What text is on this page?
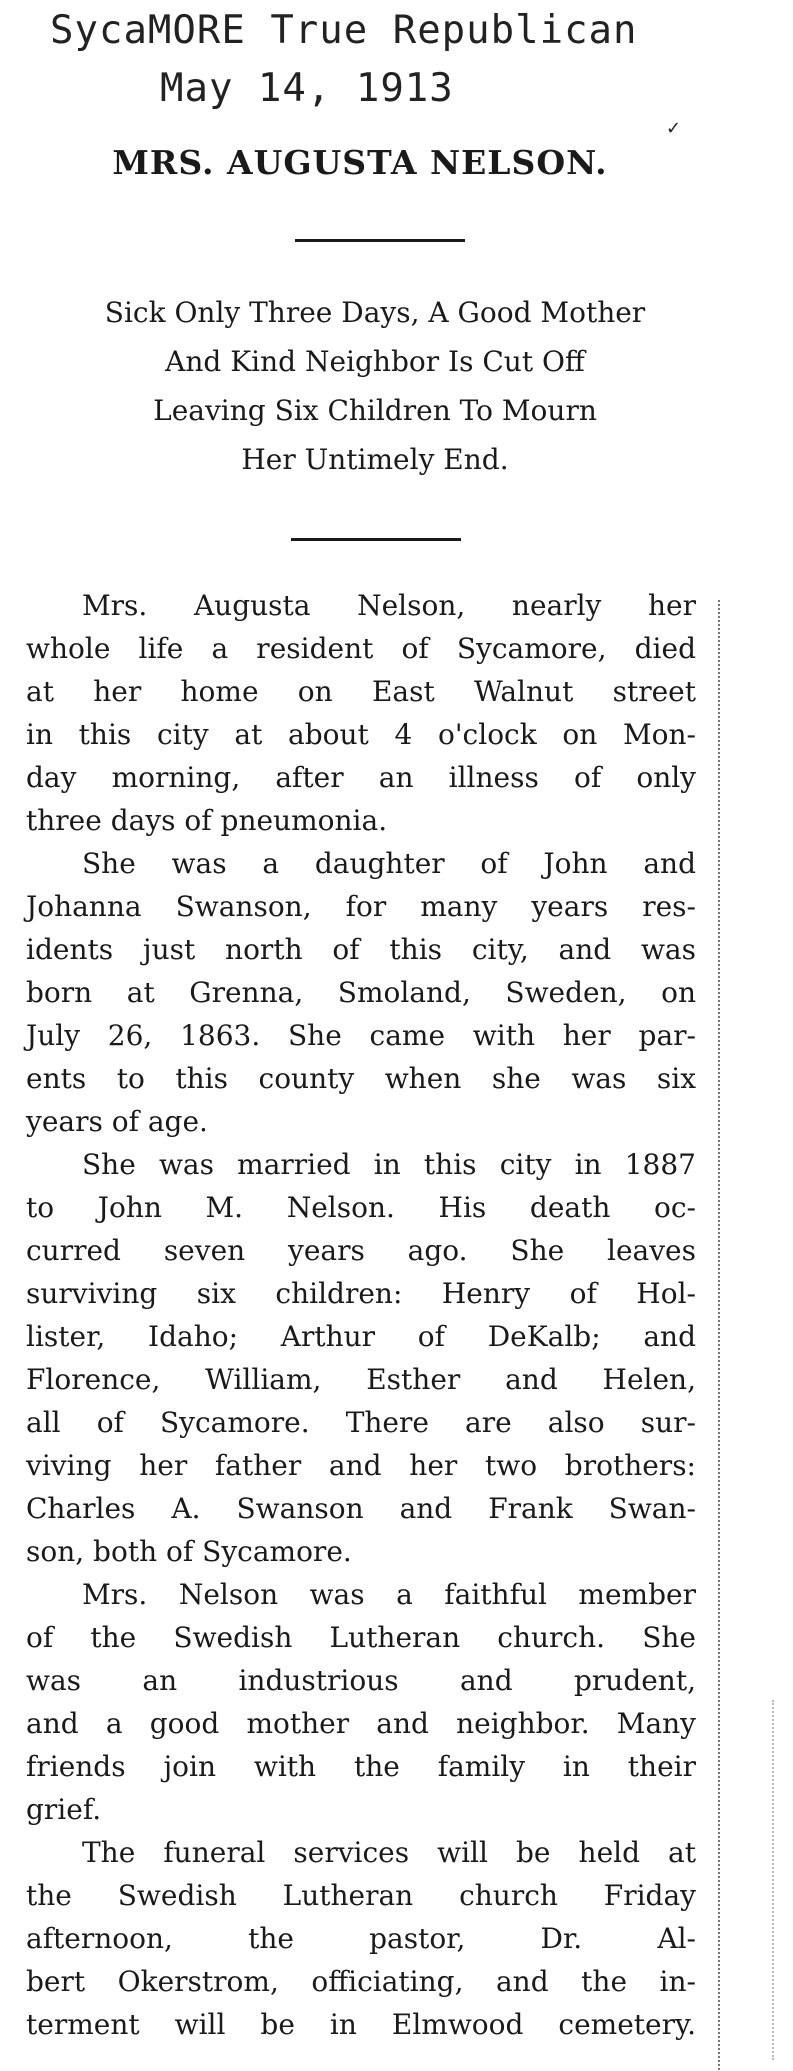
SycaMORE True Republican
May 14, 1913
MRS. AUGUSTA NELSON.
✓
Sick Only Three Days, A Good Mother
And Kind Neighbor Is Cut Off
Leaving Six Children To Mourn
Her Untimely End.
Mrs. Augusta Nelson, nearly her
whole life a resident of Sycamore, died
at her home on East Walnut street
in this city at about 4 o'clock on Mon-
day morning, after an illness of only
three days of pneumonia.
She was a daughter of John and
Johanna Swanson, for many years res-
idents just north of this city, and was
born at Grenna, Smoland, Sweden, on
July 26, 1863. She came with her par-
ents to this county when she was six
years of age.
She was married in this city in 1887
to John M. Nelson. His death oc-
curred seven years ago. She leaves
surviving six children: Henry of Hol-
lister, Idaho; Arthur of DeKalb; and
Florence, William, Esther and Helen,
all of Sycamore. There are also sur-
viving her father and her two brothers:
Charles A. Swanson and Frank Swan-
son, both of Sycamore.
Mrs. Nelson was a faithful member
of the Swedish Lutheran church. She
was an industrious and prudent,
and a good mother and neighbor. Many
friends join with the family in their
grief.
The funeral services will be held at
the Swedish Lutheran church Friday
afternoon, the pastor, Dr. Al-
bert Okerstrom, officiating, and the in-
terment will be in Elmwood cemetery.
